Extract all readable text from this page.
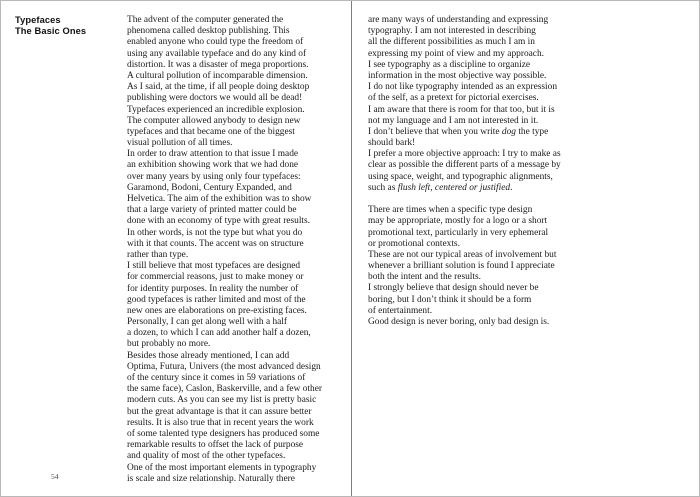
Typefaces
The Basic Ones

The advent of the computer generated the
phenomena called desktop publishing. This
enabled anyone who could type the freedom of
using any available typeface and do any kind of
distortion. It was a disaster of mega proportions.
A cultural pollution of incomparable dimension.
As I said, at the time, if all people doing desktop
publishing were doctors we would all be dead!
Typefaces experienced an incredible explosion.
The computer allowed anybody to design new
typefaces and that became one of the biggest
visual pollution of all times.

In order to draw attention to that issue I made
an exhibition showing work that we had done
over many years by using only four typefaces:
Garamond, Bodoni, Century Expanded, and
Helvetica. The aim of the exhibition was to show
that a large variety of printed matter could be
done with an economy of type with great results.
In other words, is not the type but what you do
with it that counts. The accent was on structure
rather than type.

I still believe that most typefaces are designed
for commercial reasons, just to make money or
for identity purposes. In reality the number of
good typefaces is rather limited and most of the
new ones are elaborations on pre-existing faces.
Personally, I can get along well with a half
a dozen, to which I can add another half a dozen,
but probably no more.

Besides those already mentioned, I can add
Optima, Futura, Univers (the most advanced design
of the century since it comes in 59 variations of
the same face), Caslon, Baskerville, and a few other
modern cuts. As you can see my list is pretty basic
but the great advantage is that it can assure better
results. It is also true that in recent years the work
of some talented type designers has produced some
remarkable results to offset the lack of purpose
and quality of most of the other typefaces.

One of the most important elements in typography
is scale and size relationship. Naturally there

are many ways of understanding and expressing
typography. I am not interested in describing
all the different possibilities as much I am in
expressing my point of view and my approach.
I see typography as a discipline to organize
information in the most objective way possible.
I do not like typography intended as an expression
of the self, as a pretext for pictorial exercises.
I am aware that there is room for that too, but it is
not my language and I am not interested in it.

I don’t believe that when you write dog the type
should bark!

I prefer a more objective approach: I try to make as
clear as possible the different parts of a message by
using space, weight, and typographic alignments,
such as flush left, centered or justified.

There are times when a specific type design
may be appropriate, mostly for a logo or a short
promotional text, particularly in very ephemeral
or promotional contexts.

These are not our typical areas of involvement but
whenever a brilliant solution is found I appreciate
both the intent and the results.

I strongly believe that design should never be
boring, but I don’t think it should be a form
of entertainment.

Good design is never boring, only bad design is.

54
